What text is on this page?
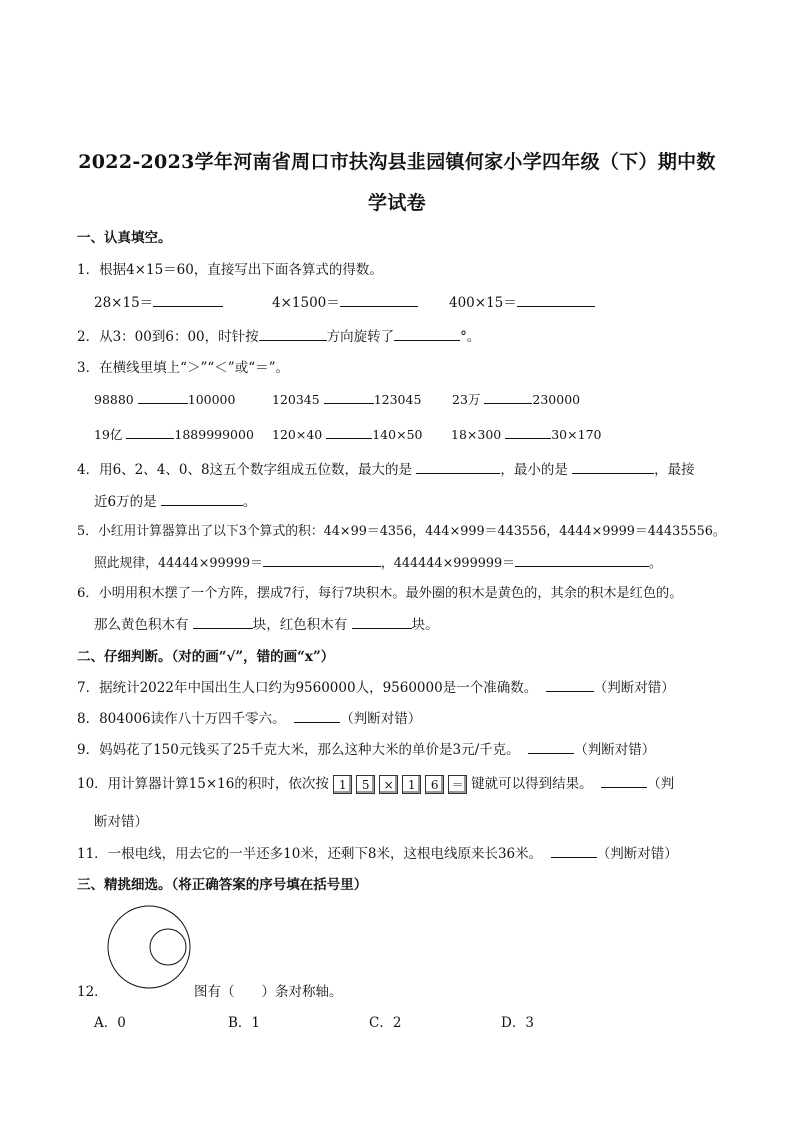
2022-2023学年河南省周口市扶沟县韭园镇何家小学四年级（下）期中数
学试卷
一、认真填空。
1．根据4×15＝60，直接写出下面各算式的得数。
28×15＝	4×1500＝	400×15＝
2．从3：00到6：00，时针按	方向旋转了	°。
3．在横线里填上“＞”“＜”或“＝”。
98880	100000	120345	123045 23万	230000
19亿	1889999000 120×40	140×50 18×300	30×170
4．用6、2、4、0、8这五个数字组成五位数，最大的是	，最小的是	，最接
近6万的是	。
5．小红用计算器算出了以下3个算式的积：44×99＝4356，444×999＝443556，4444×9999＝44435556。
照此规律，44444×99999＝	，444444×999999＝	。
6．小明用积木摆了一个方阵，摆成7行，每行7块积木。最外圈的积木是黄色的，其余的积木是红色的。
那么黄色积木有	块，红色积木有	块。
二、仔细判断。（对的画“√”，错的画“x”）
7．据统计2022年中国出生人口约为9560000人，9560000是一个准确数。	（判断对错）
8．804006读作八十万四千零六。	（判断对错）
9．妈妈花了150元钱买了25千克大米，那么这种大米的单价是3元/千克。	（判断对错）
10．用计算器计算15×16的积时，依次按 1 5 × 1 6 ＝ 键就可以得到结果。	（判
断对错）
11．一根电线，用去它的一半还多10米，还剩下8米，这根电线原来长36米。	（判断对错）
三、精挑细选。（将正确答案的序号填在括号里）
12．	图有（　　）条对称轴。
A．0	B．1	C．2	D．3
